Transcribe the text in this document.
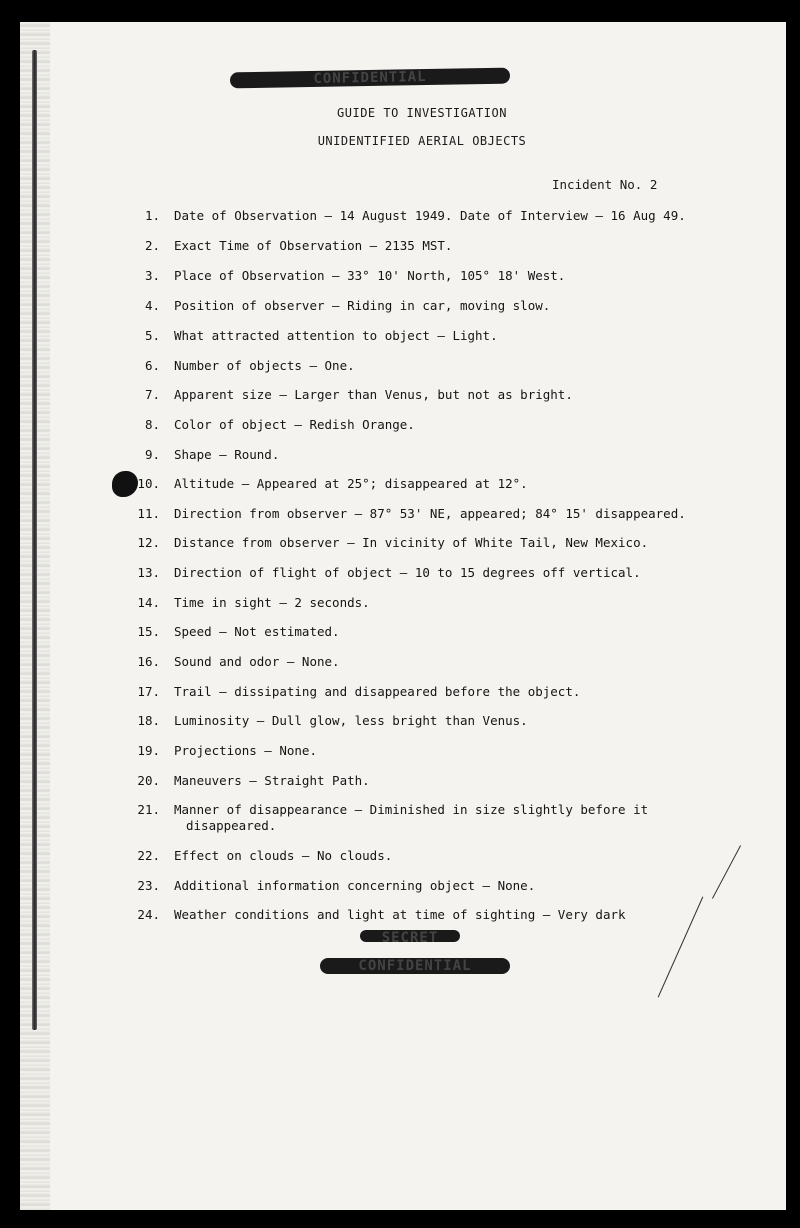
CONFIDENTIAL
GUIDE TO INVESTIGATION
UNIDENTIFIED AERIAL OBJECTS
Incident No. 2
1. Date of Observation — 14 August 1949. Date of Interview — 16 Aug 49.
2. Exact Time of Observation — 2135 MST.
3. Place of Observation — 33° 10' North, 105° 18' West.
4. Position of observer — Riding in car, moving slow.
5. What attracted attention to object — Light.
6. Number of objects — One.
7. Apparent size — Larger than Venus, but not as bright.
8. Color of object — Redish Orange.
9. Shape — Round.
10. Altitude — Appeared at 25°; disappeared at 12°.
11. Direction from observer — 87° 53' NE, appeared; 84° 15' disappeared.
12. Distance from observer — In vicinity of White Tail, New Mexico.
13. Direction of flight of object — 10 to 15 degrees off vertical.
14. Time in sight — 2 seconds.
15. Speed — Not estimated.
16. Sound and odor — None.
17. Trail — dissipating and disappeared before the object.
18. Luminosity — Dull glow, less bright than Venus.
19. Projections — None.
20. Maneuvers — Straight Path.
21. Manner of disappearance — Diminished in size slightly before it
disappeared.
22. Effect on clouds — No clouds.
23. Additional information concerning object — None.
24. Weather conditions and light at time of sighting — Very dark
SECRET
CONFIDENTIAL
